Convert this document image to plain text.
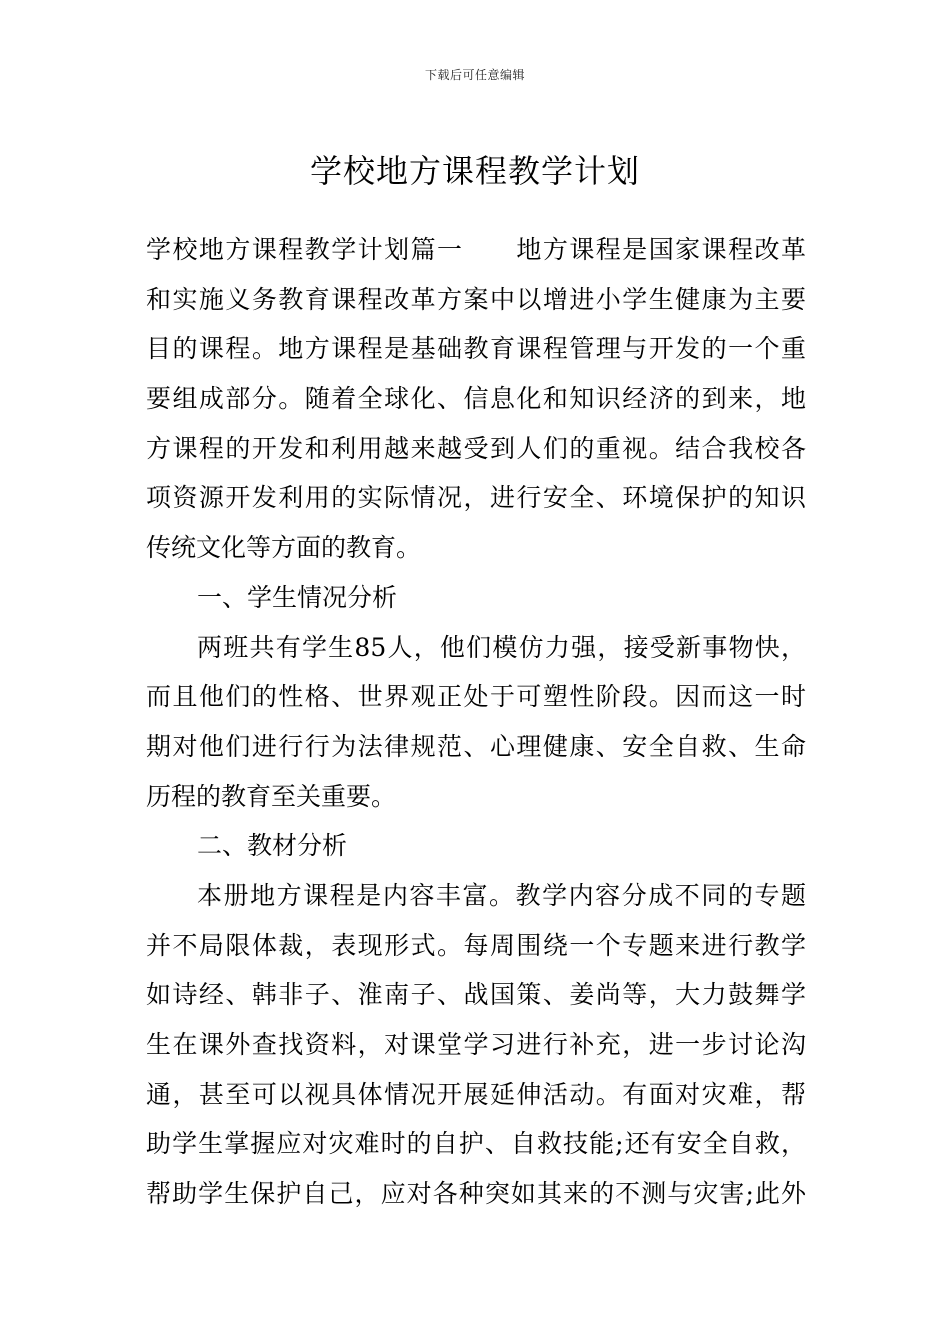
下载后可任意编辑
学校地方课程教学计划
学校地方课程教学计划篇一　　地方课程是国家课程改革
和实施义务教育课程改革方案中以增进小学生健康为主要
目的课程。地方课程是基础教育课程管理与开发的一个重
要组成部分。随着全球化、信息化和知识经济的到来，地
方课程的开发和利用越来越受到人们的重视。结合我校各
项资源开发利用的实际情况，进行安全、环境保护的知识
传统文化等方面的教育。
一、学生情况分析
两班共有学生85人，他们模仿力强，接受新事物快，
而且他们的性格、世界观正处于可塑性阶段。因而这一时
期对他们进行行为法律规范、心理健康、安全自救、生命
历程的教育至关重要。
二、教材分析
本册地方课程是内容丰富。教学内容分成不同的专题
并不局限体裁，表现形式。每周围绕一个专题来进行教学
如诗经、韩非子、淮南子、战国策、姜尚等，大力鼓舞学
生在课外查找资料，对课堂学习进行补充，进一步讨论沟
通，甚至可以视具体情况开展延伸活动。有面对灾难，帮
助学生掌握应对灾难时的自护、自救技能;还有安全自救，
帮助学生保护自己，应对各种突如其来的不测与灾害;此外
